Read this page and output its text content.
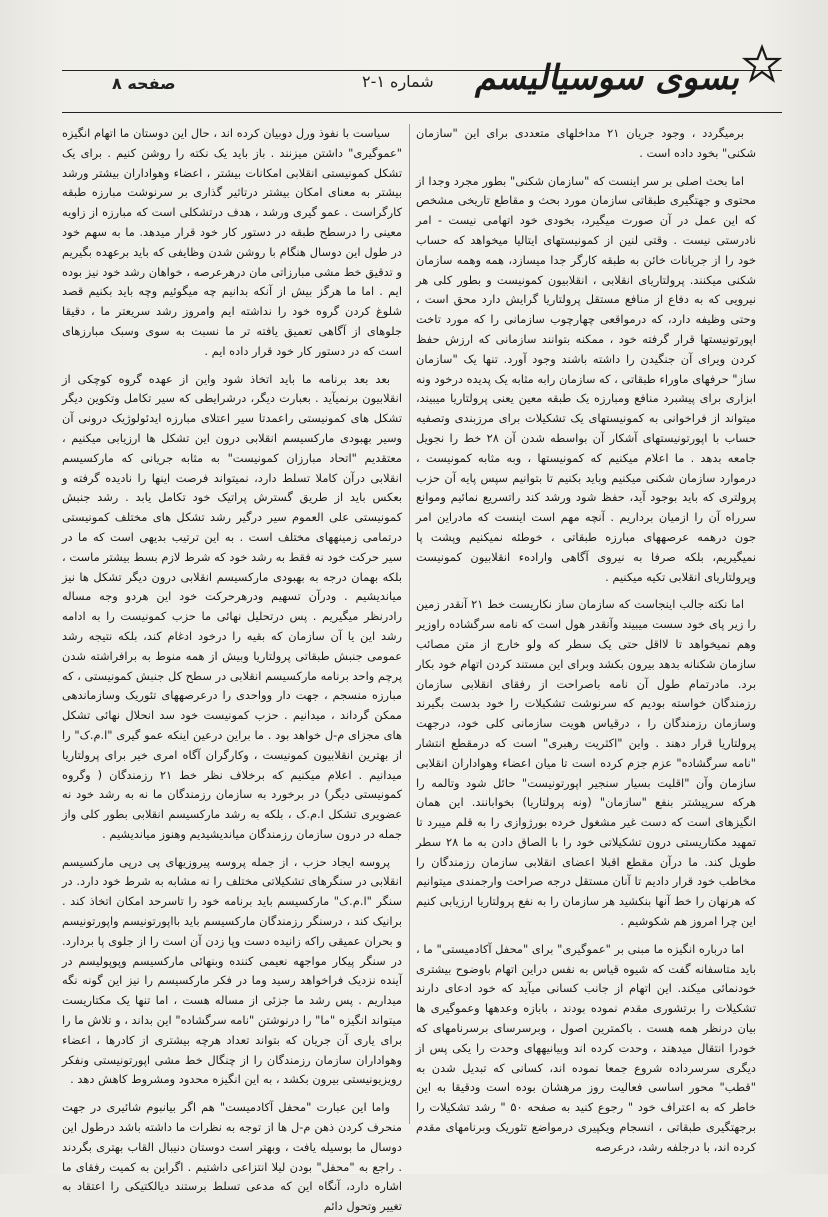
بسوی سوسیالیسم
شماره ۱-۲
صفحه ۸

برمیگردد ، وجود جریان ۲۱ مداخلهای متعددی برای این "سازمان شکنی" بخود داده است .

اما بحث اصلی بر سر اینست که "سازمان شکنی" بطور مجرد وجدا از محتوی و جهتگیری طبقاتی سازمان مورد بحث و مقاطع تاریخی مشخص که این عمل در آن صورت میگیرد، بخودی خود اتهامی نیست - امر نادرستی نیست . وقتی لنین از کمونیستهای ایتالیا میخواهد که حساب خود را از جریانات خائن به طبقه کارگر جدا میسازد، همه وهمه سازمان شکنی میکنند. پرولتاریای انقلابی ، انقلابیون کمونیست و بطور کلی هر نیرویی که به دفاع از منافع مستقل پرولتاریا گرایش دارد محق است ، وحتی وظیفه دارد، که درمواقعی چهارچوب سازمانی را که مورد تاخت اپورتونیستها قرار گرفته خود ، ممکنه بتوانند سازمانی که ارزش حفظ کردن ویرای آن جنگیدن را داشته باشند وجود آورد. تنها یک "سازمان ساز" حرفهای ماوراء طبقاتی ، که سازمان رابه مثابه یک پدیده درخود ونه ابزاری برای پیشبرد منافع ومبارزه یک طبقه معین یعنی پرولتاریا میبیند، میتواند از فراخوانی به کمونیستهای یک تشکیلات برای مرزبندی وتصفیه حساب با اپورتونیستهای آشکار آن بواسطه شدن آن ۲۸ خط را نجویل جامعه بدهد . ما اعلام میکنیم که کمونیستها ، وبه مثابه کمونیست ، درموارد سازمان شکنی میکنیم وباید بکنیم تا بتوانیم سپس پایه آن حزب پرولتری که باید بوجود آید، حفظ شود ورشد کند راتسریع نمائیم وموانع سرراه آن را ازمیان برداریم . آنچه مهم است اینست که مادراین امر جون درهمه عرصههای مبارزه طبقاتی ، خوطئه نمیکنیم وپشت پا نمیگیریم، بلکه صرفا به نیروی آگاهی وارادهء انقلابیون کمونیست وپرولتاریای انقلابی تکیه میکنیم .

اما نکته جالب اینجاست که سازمان ساز نکاریست خط ۲۱ آنقدر زمین را زیر پای خود سست میبیند وآنقدر هول است که نامه سرگشاده راوزیر وهم نمیخواهد تا لااقل حتی یک سطر که ولو خارج از متن مصائب سازمان شکنانه بدهد بیرون بکشد وبرای این مستند کردن اتهام خود بکار برد. مادرتمام طول آن نامه باصراحت از رفقای انقلابی سازمان رزمندگان خواسته بودیم که سرنوشت تشکیلات را خود بدست بگیرند وسازمان رزمندگان را ، درقیاس هویت سازمانی کلی خود، درجهت پرولتاریا قرار دهند . واین "اکثریت رهبری" است که درمقطع انتشار "نامه سرگشاده" عزم جزم کرده است تا میان اعضاء وهواداران انقلابی سازمان وآن "اقلیت بسیار سنجیر اپورتونیست" حائل شود وتالمه را هرکه سرپیشتر بنفع "سازمان" (ونه پرولتاریا) بخوابانند. این همان انگیزهای است که دست غیر مشغول خرده بورژوازی را به قلم میبرد تا تمهید مکتاریستی درون تشکیلاتی خود را با الصاق دادن به ما ۲۸ سطر طویل کند. ما درآن مقطع اقبلا اعضای انقلابی سازمان رزمندگان را مخاطب خود قرار دادیم تا آنان مستقل درجه صراحت وارجمندی میتوانیم که هرنهان را خط آنها بنکشید هر سازمان را به نفع پرولتاریا ارزیابی کنیم این چرا امروز هم شکوشیم .

اما درباره انگیزه ما مبنی بر "عموگیری" برای "محفل آکادمیستی" ما ، باید متاسفانه گفت که شیوه قیاس به نفس دراین اتهام باوضوح بیشتری خودنمائی میکند. این اتهام از جانب کسانی میآید که خود ادعای دارند تشکیلات را برتشوری مقدم نموده بودند ، بابازه وعدهها وعموگیری ها بیان درنظر همه هست . باکمترین اصول ، وبرسرسای برسرنامهای که خودرا انتقال میدهند ، وحدت کرده اند وبیانیههای وحدت را یکی پس از دیگری سرسرداده شروع جمعا نموده اند، کسانی که تبدیل شدن به "قطب" محور اساسی فعالیت روز مرهشان بوده است ودقیقا به این خاطر که به اعتراف خود " رجوع کنید به صفحه ۵۰ " رشد تشکیلات را برجهتگیری طبقاتی ، انسجام ویکپیری درمواضع تئوریک وبرنامهای مقدم کرده اند، با درجلفه رشد، درعرصه

سیاست با نفوذ ورل دوبیان کرده اند ، حال این دوستان ما اتهام انگیزه "عموگیری" داشتن میزنند . باز باید یک نکته را روشن کنیم . برای یک تشکل کمونیستی انقلابی امکانات بیشتر ، اعضاء وهواداران بیشتر ورشد بیشتر به معنای امکان بیشتر درتاثیر گذاری بر سرنوشت مبارزه طبقه کارگراست . عمو گیری ورشد ، هدف درتشکلی است که مبارزه از زاویه معینی را درسطح طبقه در دستور کار خود قرار میدهد. ما به سهم خود در طول این دوسال هنگام با روشن شدن وظایفی که باید برعهده بگیریم و تدقیق خط مشی مبارزاتی مان درهرعرصه ، خواهان رشد خود نیز بوده ایم . اما ما هرگز بیش از آنکه بدانیم چه میگوئیم وچه باید بکنیم قصد شلوغ کردن گروه خود را نداشته ایم وامروز رشد سریعتر ما ، دقیقا جلوهای از آگاهی تعمیق یافته تر ما نسبت به سوی وسبک مبارزهای است که در دستور کار خود قرار داده ایم .

بعد بعد برنامه ما باید اتخاذ شود واین از عهده گروه کوچکی از انقلابیون برنمیآید . بعبارت دیگر، درشرایطی که سیر تکامل وتکوین دیگر تشکل های کمونیستی راعمدتا سیر اعتلای مبارزه ایدئولوژیک درونی آن وسیر بهبودی مارکسیسم انقلابی درون این تشکل ها ارزیابی میکنیم ، معتقدیم "اتحاد مبارزان کمونیست" به مثابه جریانی که مارکسیسم انقلابی درآن کاملا تسلط دارد، نمیتواند فرصت اینها را نادیده گرفته و بعکس باید از طریق گسترش پراتیک خود تکامل یابد . رشد جنبش کمونیستی علی العموم سیر درگیر رشد تشکل های مختلف کمونیستی درتمامی زمینههای مختلف است . به این ترتیب بدیهی است که ما در سیر حرکت خود نه فقط به رشد خود که شرط لازم بسط بیشتر ماست ، بلکه بهمان درجه به بهبودی مارکسیسم انقلابی درون دیگر تشکل ها نیز میاندیشیم . ودرآن تسهیم ودرهرحرکت خود این هردو وجه مساله رادرنظر میگیریم . پس درتحلیل نهائی ما حزب کمونیست را به ادامه رشد این یا آن سازمان که بقیه را درخود ادغام کند، بلکه نتیجه رشد عمومی جنبش طبقاتی پرولتاریا وبیش از همه منوط به برافراشته شدن پرچم واحد برنامه مارکسیسم انقلابی در سطح کل جنبش کمونیستی ، که مبارزه منسجم ، جهت دار وواحدی را درعرصههای تئوریک وسازماندهی ممکن گرداند ، میدانیم . حزب کمونیست خود سد انحلال نهائی تشکل های مجزای م-ل خواهد بود . ما براین درعین اینکه عمو گیری "ا.م.ک" را از بهترین انقلابیون کمونیست ، وکارگران آگاه امری خیر برای پرولتاریا میدانیم . اعلام میکنیم که برخلاف نظر خط ۲۱ رزمندگان ( وگروه کمونیستی دیگر) در برخورد به سازمان رزمندگان ما نه به رشد خود نه عضویری تشکل ا.م.ک ، بلکه به رشد مارکسیسم انقلابی بطور کلی واز جمله در درون سازمان رزمندگان میاندیشیدیم وهنوز میاندیشیم .

پروسه ایجاد حزب ، از جمله پروسه پیروزیهای پی درپی مارکسیسم انقلابی در سنگرهای تشکیلاتی مختلف را نه مشابه به شرط خود دارد. در سنگر "ا.م.ک" مارکسیسم باید برنامه خود را تاسرحد امکان اتخاذ کند . برانیک کند ، درسنگر رزمندگان مارکسیسم باید بااپورتونیسم واپورتونیسم و بحران عمیقی راکه زانیده دست وپا زدن آن است را از جلوی پا بردارد. در سنگر پیکار مواجهه نعیمی کننده وبنهائی مارکسیسم وپوپولیسم در آینده نزدیک فراخواهد رسید وما در فکر مارکسیسم را نیز این گونه نگه میداریم . پس رشد ما جزئی از مساله هست ، اما تنها یک مکتاریست میتواند انگیزه "ما" را درنوشتن "نامه سرگشاده" این بداند ، و تلاش ما را برای یاری آن جریان که بتواند تعداد هرچه بیشتری از کادرها ، اعضاء وهواداران سازمان رزمندگان را از چنگال خط مشی اپورتونیستی ونفکر رویزیونیستی بیرون بکشد ، به این انگیزه محدود ومشروط کاهش دهد .

واما این عبارت "محفل آکادمیست" هم اگر بیانبوم شائیری در جهت منحرف کردن ذهن م-ل ها از توجه به نظرات ما داشته باشد درطول این دوسال ما بوسیله یافت ، وبهتر است دوستان دنیبال القاب بهتری بگردند . راجع به "محفل" بودن لیلا انتزاعی داشتیم . اگراین به کمیت رفقای ما اشاره دارد، آنگاه این که مدعی تسلط برستند دیالکتیکی را اعتقاد به تغییر وتحول دائم
